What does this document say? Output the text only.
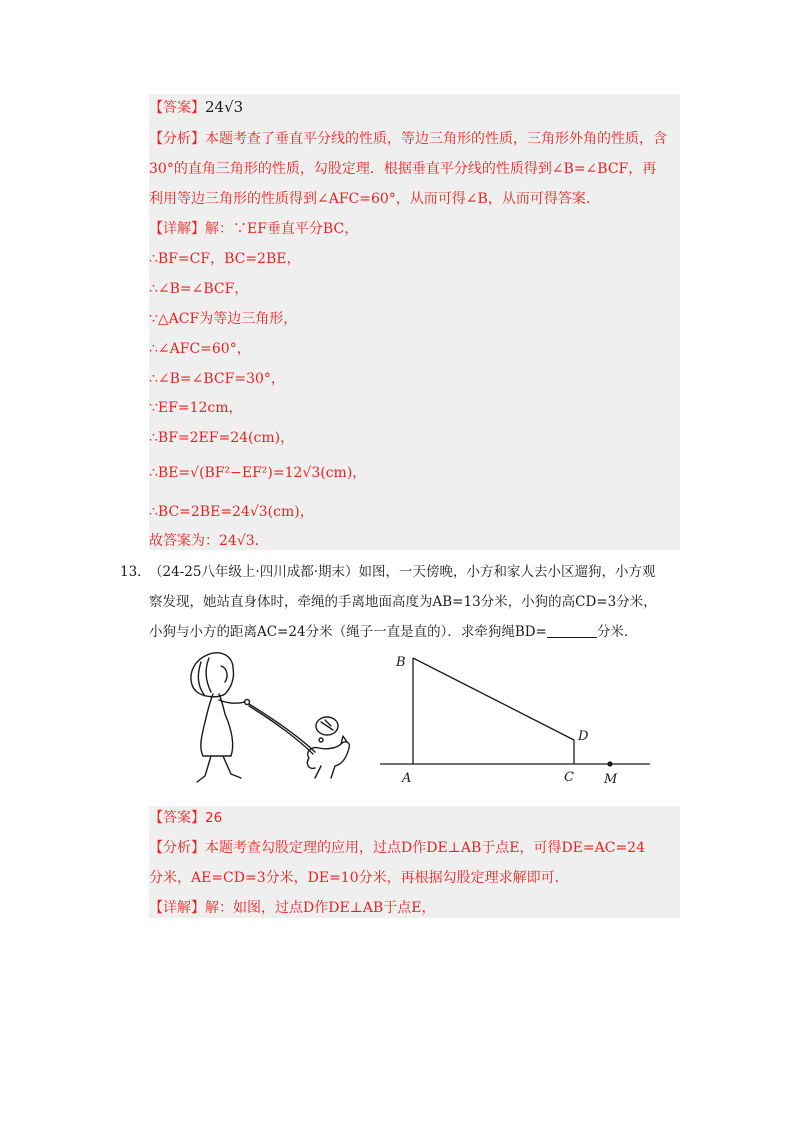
【答案】24√3
【分析】本题考查了垂直平分线的性质，等边三角形的性质，三角形外角的性质，含
30°的直角三角形的性质，勾股定理．根据垂直平分线的性质得到∠B=∠BCF，再
利用等边三角形的性质得到∠AFC=60°，从而可得∠B，从而可得答案．
【详解】解：∵EF垂直平分BC，
∴BF=CF，BC=2BE，
∴∠B=∠BCF，
∵△ACF为等边三角形，
∴∠AFC=60°，
∴∠B=∠BCF=30°，
∵EF=12cm，
∴BF=2EF=24(cm)，
∴BE=√(BF²−EF²)=12√3(cm)，
∴BC=2BE=24√3(cm)，
故答案为：24√3．
13．
（24-25八年级上·四川成都·期末）如图，一天傍晚，小方和家人去小区遛狗，小方观
察发现，她站直身体时，牵绳的手离地面高度为AB=13分米，小狗的高CD=3分米，
小狗与小方的距离AC=24分米（绳子一直是直的）．求牵狗绳BD=	分米．
B
D
A	C M
【答案】26
【分析】本题考查勾股定理的应用，过点D作DE⊥AB于点E，可得DE=AC=24
分米，AE=CD=3分米，DE=10分米，再根据勾股定理求解即可．
【详解】解：如图，过点D作DE⊥AB于点E，
